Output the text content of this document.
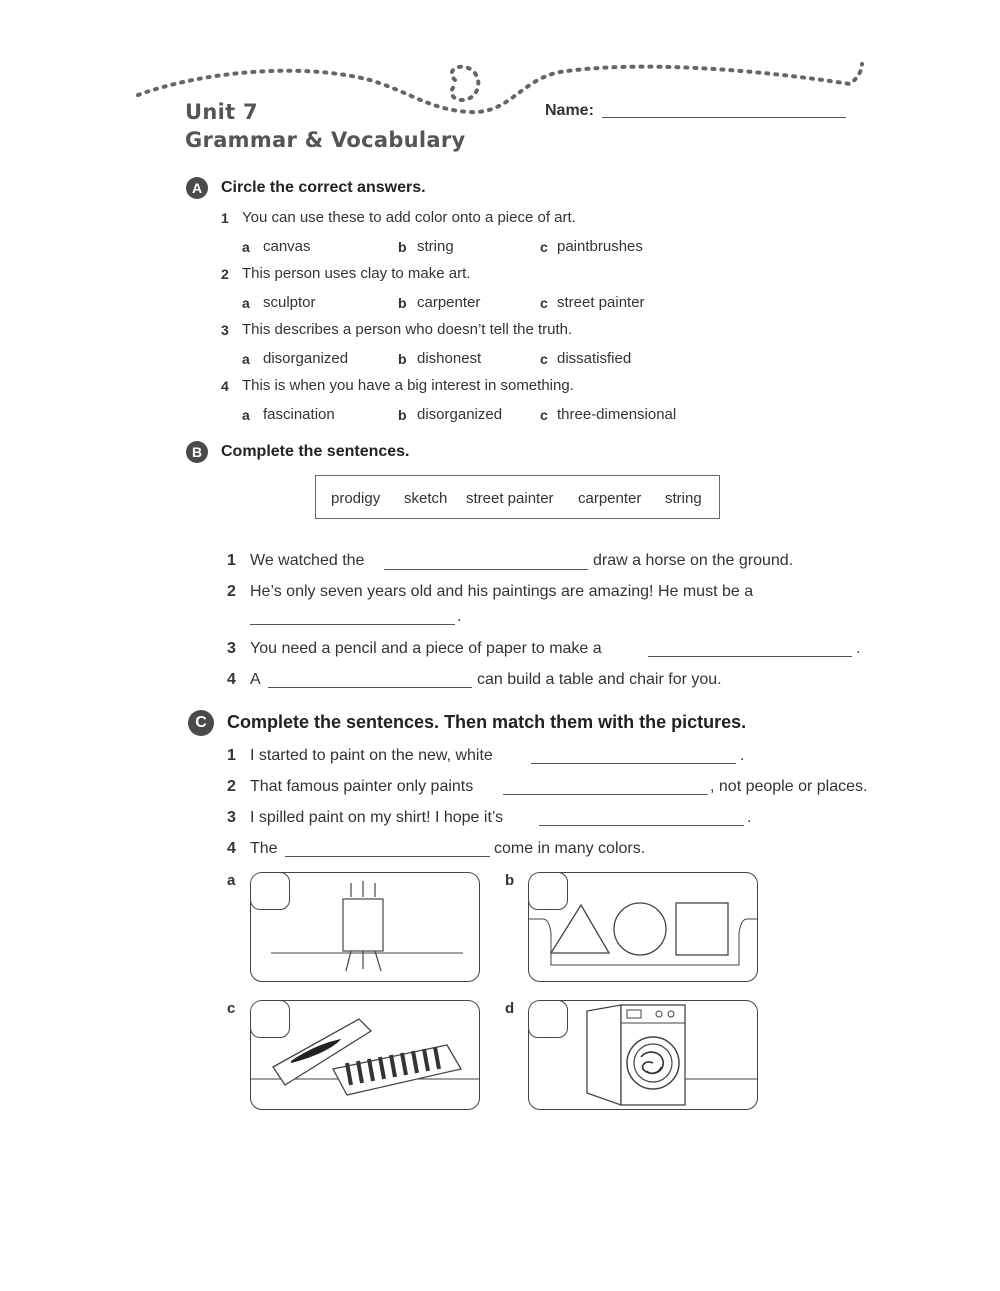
Unit 7
Grammar & Vocabulary
Name:
A	Circle the correct answers.
1 You can use these to add color onto a piece of art.
a canvas	b string	c paintbrushes
2 This person uses clay to make art.
a sculptor	b carpenter	c street painter
3 This describes a person who doesn’t tell the truth.
a disorganized	b dishonest	c dissatisfied
4 This is when you have a big interest in something.
a fascination	b disorganized	c three-dimensional
B	Complete the sentences.
prodigy sketch street painter carpenter string
1 We watched the	draw a horse on the ground.
2 He’s only seven years old and his paintings are amazing! He must be a
.
3 You need a pencil and a piece of paper to make a	.
4 A	can build a table and chair for you.
C	Complete the sentences. Then match them with the pictures.
1 I started to paint on the new, white	.
2 That famous painter only paints	, not people or places.
3 I spilled paint on my shirt! I hope it’s	.
4 The	come in many colors.
a	b
c	d
